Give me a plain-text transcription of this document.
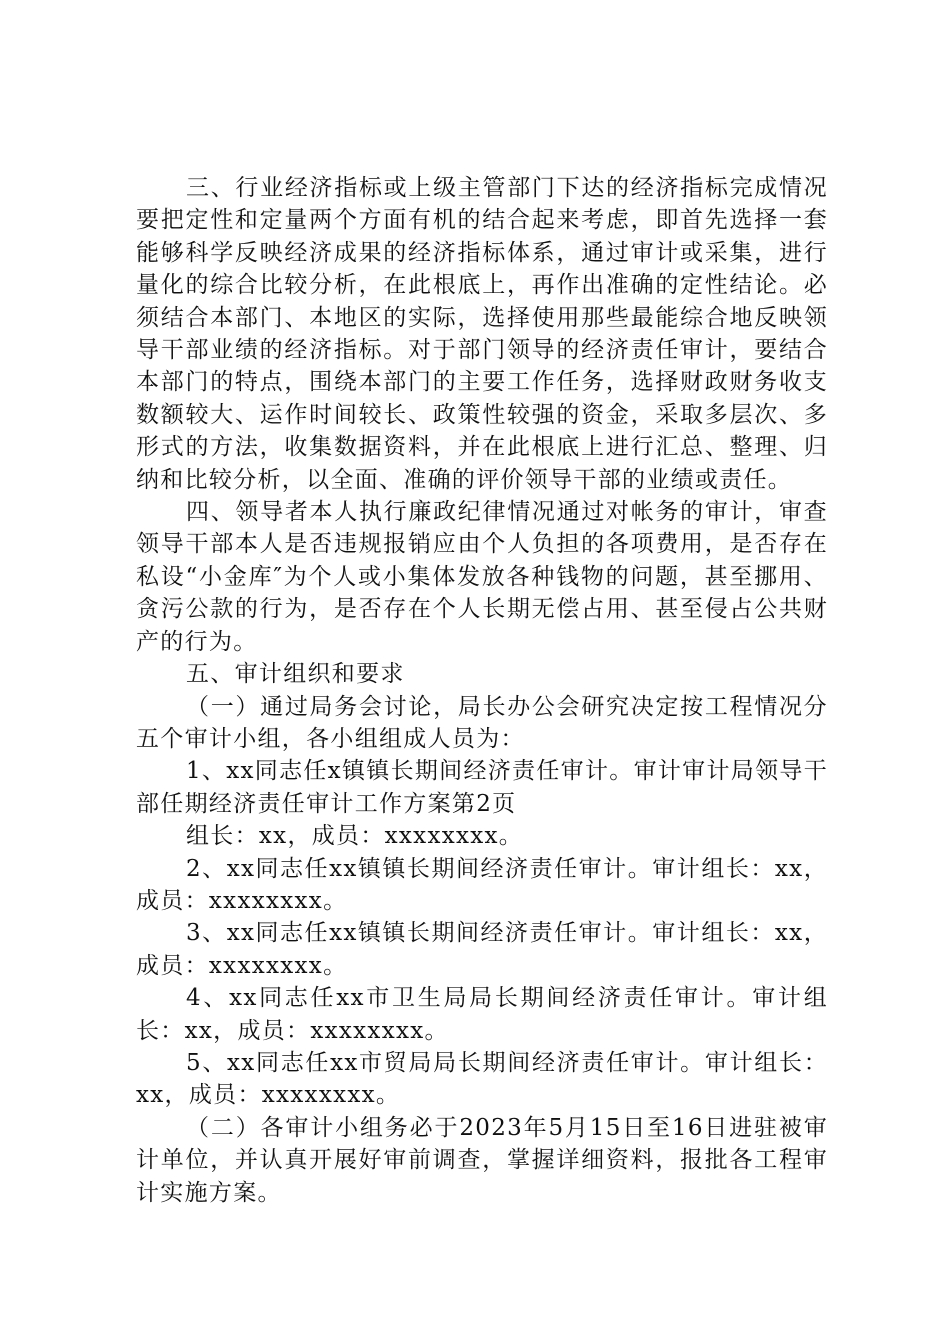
三、行业经济指标或上级主管部门下达的经济指标完成情况要把定性和定量两个方面有机的结合起来考虑，即首先选择一套能够科学反映经济成果的经济指标体系，通过审计或采集，进行量化的综合比较分析，在此根底上，再作出准确的定性结论。必须结合本部门、本地区的实际，选择使用那些最能综合地反映领导干部业绩的经济指标。对于部门领导的经济责任审计，要结合本部门的特点，围绕本部门的主要工作任务，选择财政财务收支数额较大、运作时间较长、政策性较强的资金，采取多层次、多形式的方法，收集数据资料，并在此根底上进行汇总、整理、归纳和比较分析，以全面、准确的评价领导干部的业绩或责任。

四、领导者本人执行廉政纪律情况通过对帐务的审计，审查领导干部本人是否违规报销应由个人负担的各项费用，是否存在私设“小金库″为个人或小集体发放各种钱物的问题，甚至挪用、贪污公款的行为，是否存在个人长期无偿占用、甚至侵占公共财产的行为。

五、审计组织和要求

（一）通过局务会讨论，局长办公会研究决定按工程情况分五个审计小组，各小组组成人员为：

1、xx同志任x镇镇长期间经济责任审计。审计审计局领导干部任期经济责任审计工作方案第2页

组长：xx，成员：xxxxxxxx。

2、xx同志任xx镇镇长期间经济责任审计。审计组长：xx，成员：xxxxxxxx。

3、xx同志任xx镇镇长期间经济责任审计。审计组长：xx，成员：xxxxxxxx。

4、xx同志任xx市卫生局局长期间经济责任审计。审计组长：xx，成员：xxxxxxxx。

5、xx同志任xx市贸局局长期间经济责任审计。审计组长：xx，成员：xxxxxxxx。

（二）各审计小组务必于2023年5月15日至16日进驻被审计单位，并认真开展好审前调查，掌握详细资料，报批各工程审计实施方案。
